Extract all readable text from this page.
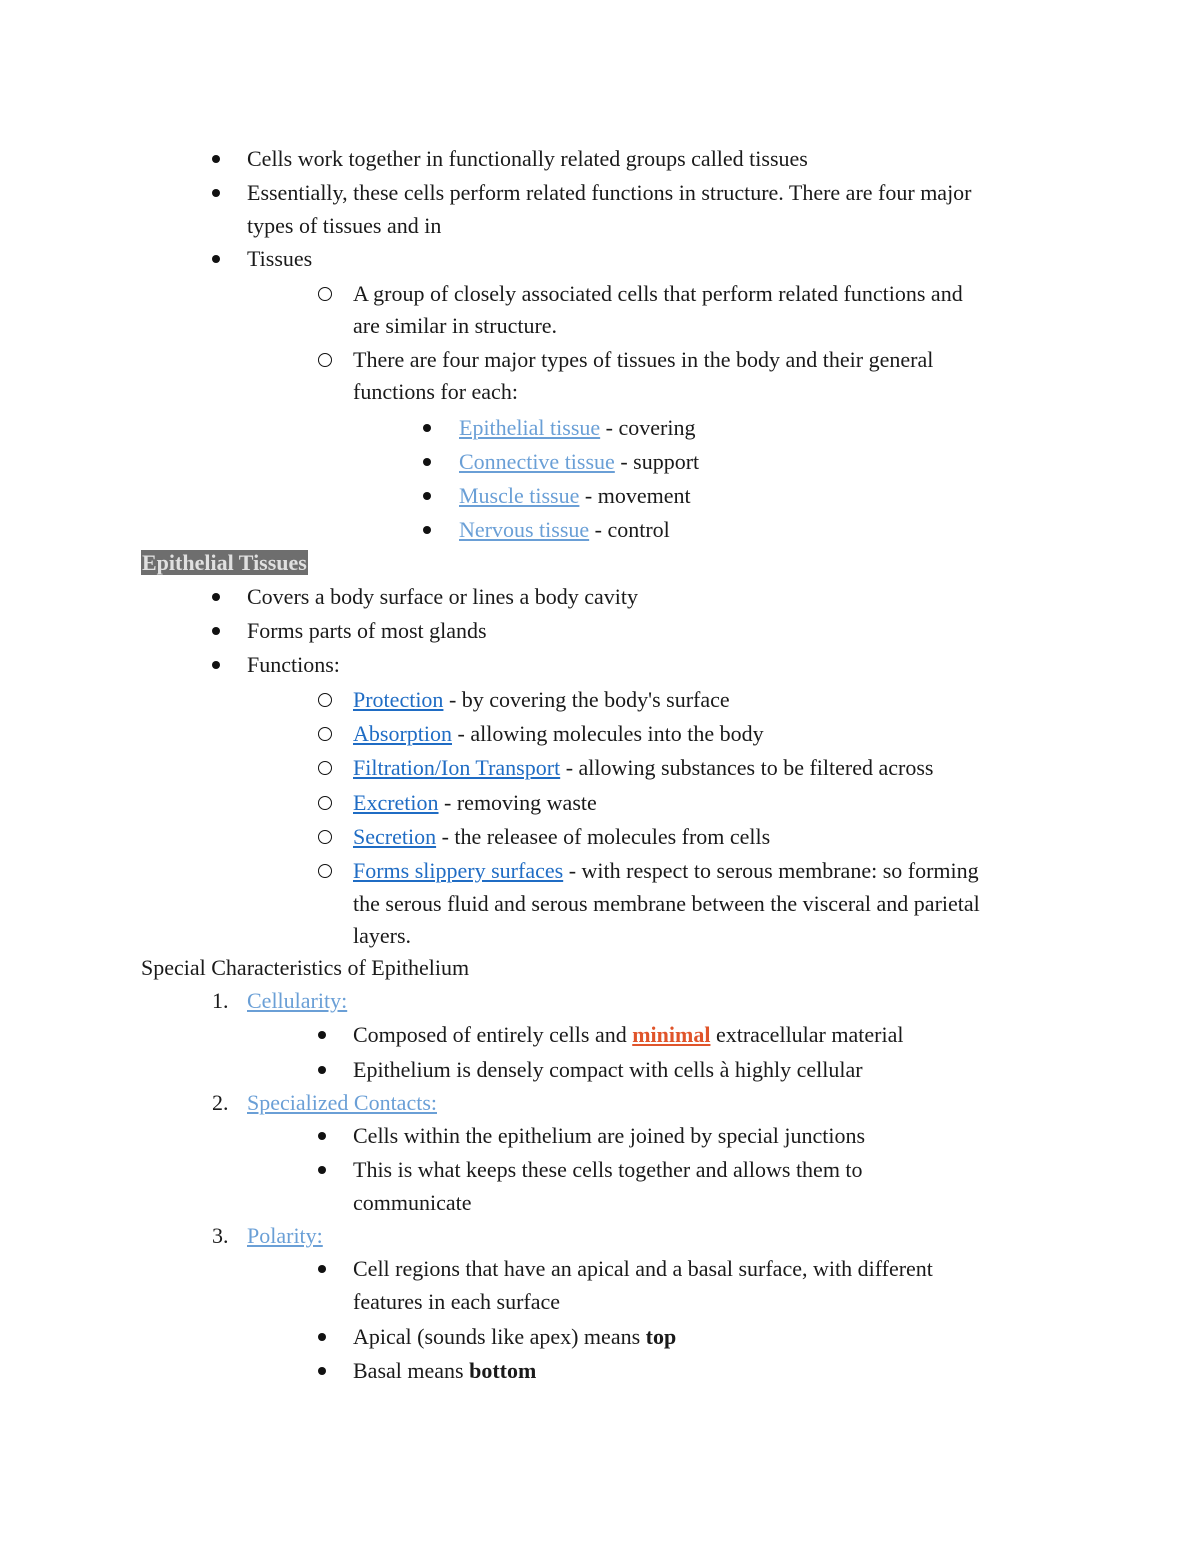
Cells work together in functionally related groups called tissues
Essentially, these cells perform related functions in structure. There are four major
types of tissues and in
Tissues
A group of closely associated cells that perform related functions and
are similar in structure.
There are four major types of tissues in the body and their general
functions for each:
Epithelial tissue - covering
Connective tissue - support
Muscle tissue - movement
Nervous tissue - control
Epithelial Tissues
Covers a body surface or lines a body cavity
Forms parts of most glands
Functions:
Protection - by covering the body's surface
Absorption - allowing molecules into the body
Filtration/Ion Transport - allowing substances to be filtered across
Excretion - removing waste
Secretion - the releasee of molecules from cells
Forms slippery surfaces - with respect to serous membrane: so forming
the serous fluid and serous membrane between the visceral and parietal
layers.
Special Characteristics of Epithelium
1. Cellularity:
Composed of entirely cells and minimal extracellular material
Epithelium is densely compact with cells à highly cellular
2. Specialized Contacts:
Cells within the epithelium are joined by special junctions
This is what keeps these cells together and allows them to
communicate
3. Polarity:
Cell regions that have an apical and a basal surface, with different
features in each surface
Apical (sounds like apex) means top
Basal means bottom
